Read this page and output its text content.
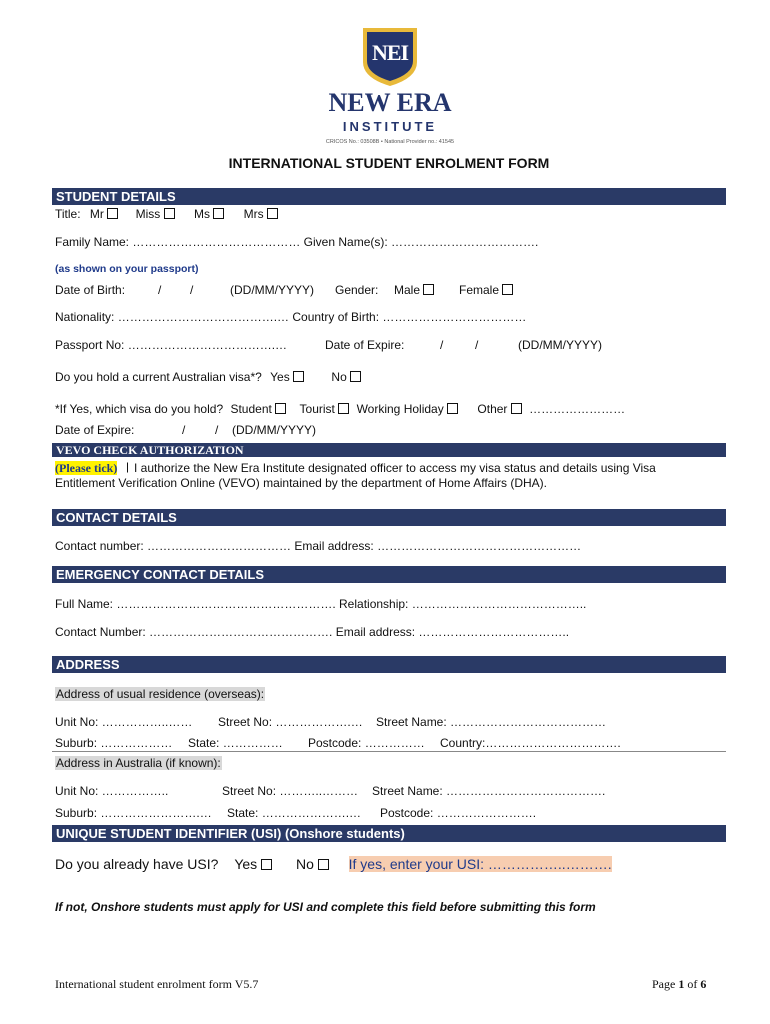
NEI
NEW ERA
INSTITUTE
CRICOS No.: 03508B • National Provider no.: 41545
INTERNATIONAL STUDENT ENROLMENT FORM
STUDENT DETAILS
Title: Mr	Miss	Ms	Mrs
Family Name: …………………………………… Given Name(s): ……………………………….
(as shown on your passport)
Date of Birth:	/ /	(DD/MM/YYYY) Gender: Male	Female
Nationality: ………………………………….… Country of Birth: ………………………………
Passport No: ……………………………….…	Date of Expire:	/	/	(DD/MM/YYYY)
Do you hold a current Australian visa*? Yes	No
*If Yes, which visa do you hold? Student Tourist Working Holiday	Other ……………………
Date of Expire:	/ / (DD/MM/YYYY)
VEVO CHECK AUTHORIZATION
(Please tick) I authorize the New Era Institute designated officer to access my visa status and details using Visa
Entitlement Verification Online (VEVO) maintained by the department of Home Affairs (DHA).
CONTACT DETAILS
Contact number: ……………………………… Email address: ……………………………………………
EMERGENCY CONTACT DETAILS
Full Name: ………………………………………………. Relationship: ……………………………………..
Contact Number: ………………………………………. Email address: ………………………………..
ADDRESS
Address of usual residence (overseas):
Unit No: ……………..…… Street No: ……………….… Street Name: …………………………………
Suburb: ……………… State: …………… Postcode: …………… Country:…………………………….
Address in Australia (if known):
Unit No: ……………..	Street No: ………..……… Street Name: ………………………………….
Suburb: …………………….… State: ………………….… Postcode: …………………….
UNIQUE STUDENT IDENTIFIER (USI) (Onshore students)
Do you already have USI? Yes	No If yes, enter your USI: ……………..……….
If not, Onshore students must apply for USI and complete this field before submitting this form
International student enrolment form V5.7	Page 1 of 6
